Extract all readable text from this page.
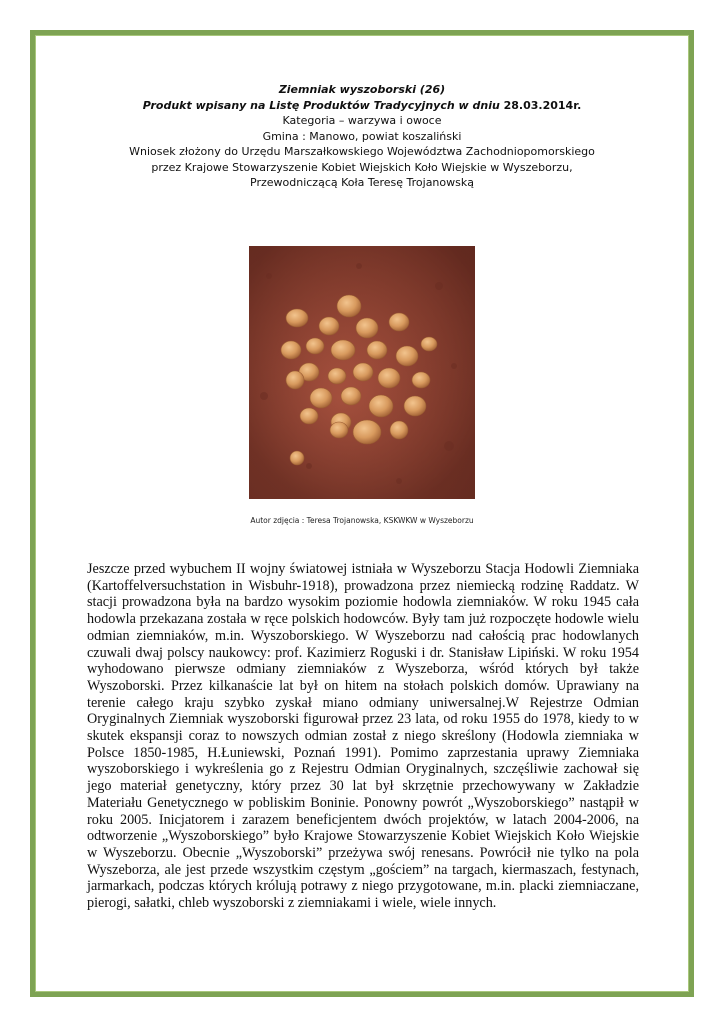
Ziemniak wyszoborski (26)
Produkt wpisany na Listę Produktów Tradycyjnych w dniu 28.03.2014r.
Kategoria – warzywa i owoce
Gmina : Manowo, powiat koszaliński
Wniosek złożony do Urzędu Marszałkowskiego Województwa Zachodniopomorskiego
przez Krajowe Stowarzyszenie Kobiet Wiejskich Koło Wiejskie w Wyszeborzu,
Przewodniczącą Koła Teresę Trojanowską
Autor zdjęcia : Teresa Trojanowska, KSKWKW w Wyszeborzu

Jeszcze przed wybuchem II wojny światowej istniała w Wyszeborzu Stacja Hodowli Ziemniaka (Kartoffelversuchstation in Wisbuhr-1918), prowadzona przez niemiecką rodzinę Raddatz. W stacji prowadzona była na bardzo wysokim poziomie hodowla ziemniaków. W roku 1945 cała hodowla przekazana została w ręce polskich hodowców. Były tam już rozpoczęte hodowle wielu odmian ziemniaków, m.in. Wyszoborskiego. W Wyszeborzu nad całością prac hodowlanych czuwali dwaj polscy naukowcy: prof. Kazimierz Roguski i dr. Stanisław Lipiński. W roku 1954 wyhodowano pierwsze odmiany ziemniaków z Wyszeborza, wśród których był także Wyszoborski. Przez kilkanaście lat był on hitem na stołach polskich domów. Uprawiany na terenie całego kraju szybko zyskał miano odmiany uniwersalnej.W Rejestrze Odmian Oryginalnych Ziemniak wyszoborski figurował przez 23 lata, od roku 1955 do 1978, kiedy to w skutek ekspansji coraz to nowszych odmian został z niego skreślony (Hodowla ziemniaka w Polsce 1850-1985, H.Łuniewski, Poznań 1991). Pomimo zaprzestania uprawy Ziemniaka wyszoborskiego i wykreślenia go z Rejestru Odmian Oryginalnych, szczęśliwie zachował się jego materiał genetyczny, który przez 30 lat był skrzętnie przechowywany w Zakładzie Materiału Genetycznego w pobliskim Boninie. Ponowny powrót „Wyszoborskiego” nastąpił w roku 2005. Inicjatorem i zarazem beneficjentem dwóch projektów, w latach 2004-2006, na odtworzenie „Wyszoborskiego” było Krajowe Stowarzyszenie Kobiet Wiejskich Koło Wiejskie w Wyszeborzu. Obecnie „Wyszoborski” przeżywa swój renesans. Powrócił nie tylko na pola Wyszeborza, ale jest przede wszystkim częstym „gościem” na targach, kiermaszach, festynach, jarmarkach, podczas których królują potrawy z niego przygotowane, m.in. placki ziemniaczane, pierogi, sałatki, chleb wyszoborski z ziemniakami i wiele, wiele innych.
